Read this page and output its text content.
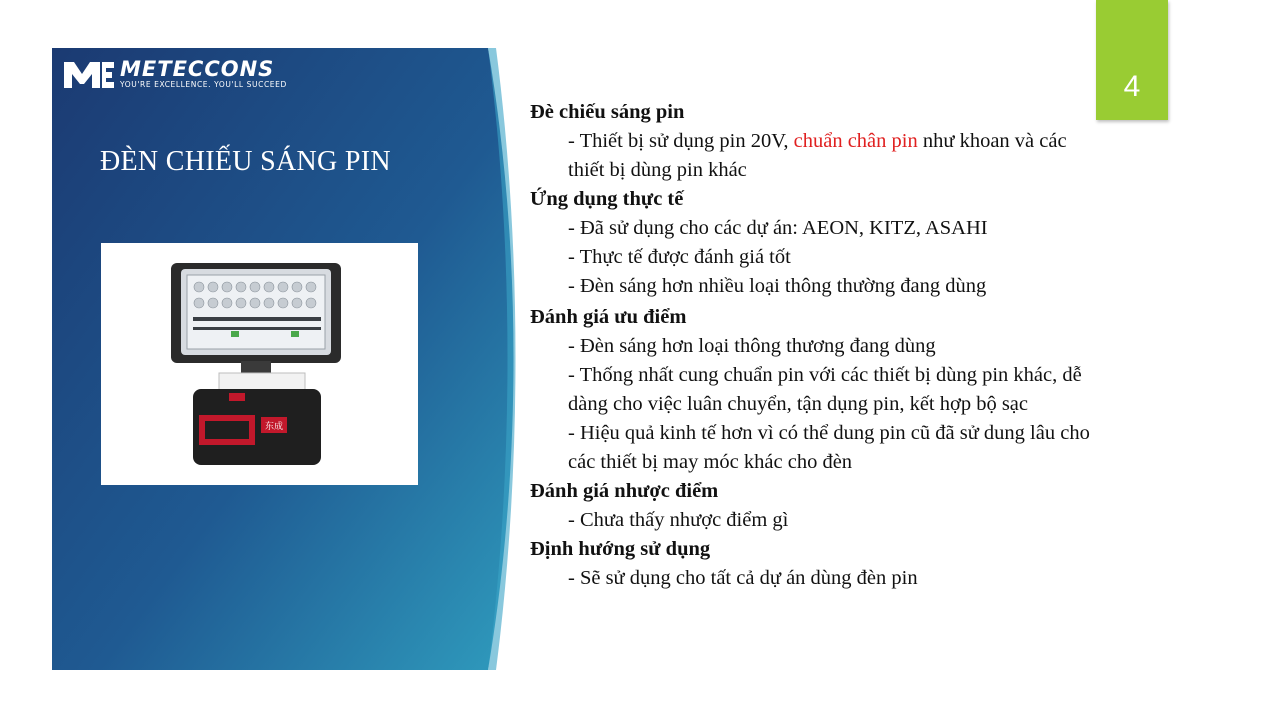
METECCONS
YOU'RE EXCELLENCE. YOU'LL SUCCEED
ĐÈN CHIẾU SÁNG PIN
东成
4
Đè chiếu sáng pin
- Thiết bị sử dụng pin 20V, chuẩn chân pin như khoan và các thiết bị dùng pin khác
Ứng dụng thực tế
- Đã sử dụng cho các dự án: AEON, KITZ, ASAHI
- Thực tế được đánh giá tốt
- Đèn sáng hơn nhiều loại thông thường đang dùng
Đánh giá ưu điểm
- Đèn sáng hơn loại thông thương đang dùng
- Thống nhất cung chuẩn pin với các thiết bị dùng pin khác, dễ dàng cho việc luân chuyển, tận dụng pin, kết hợp bộ sạc
- Hiệu quả kinh tế hơn vì có thể dung pin cũ đã sử dung lâu cho các thiết bị may móc khác cho đèn
Đánh giá nhược điểm
- Chưa thấy nhược điểm gì
Định hướng sử dụng
- Sẽ sử dụng cho tất cả dự án dùng đèn pin
